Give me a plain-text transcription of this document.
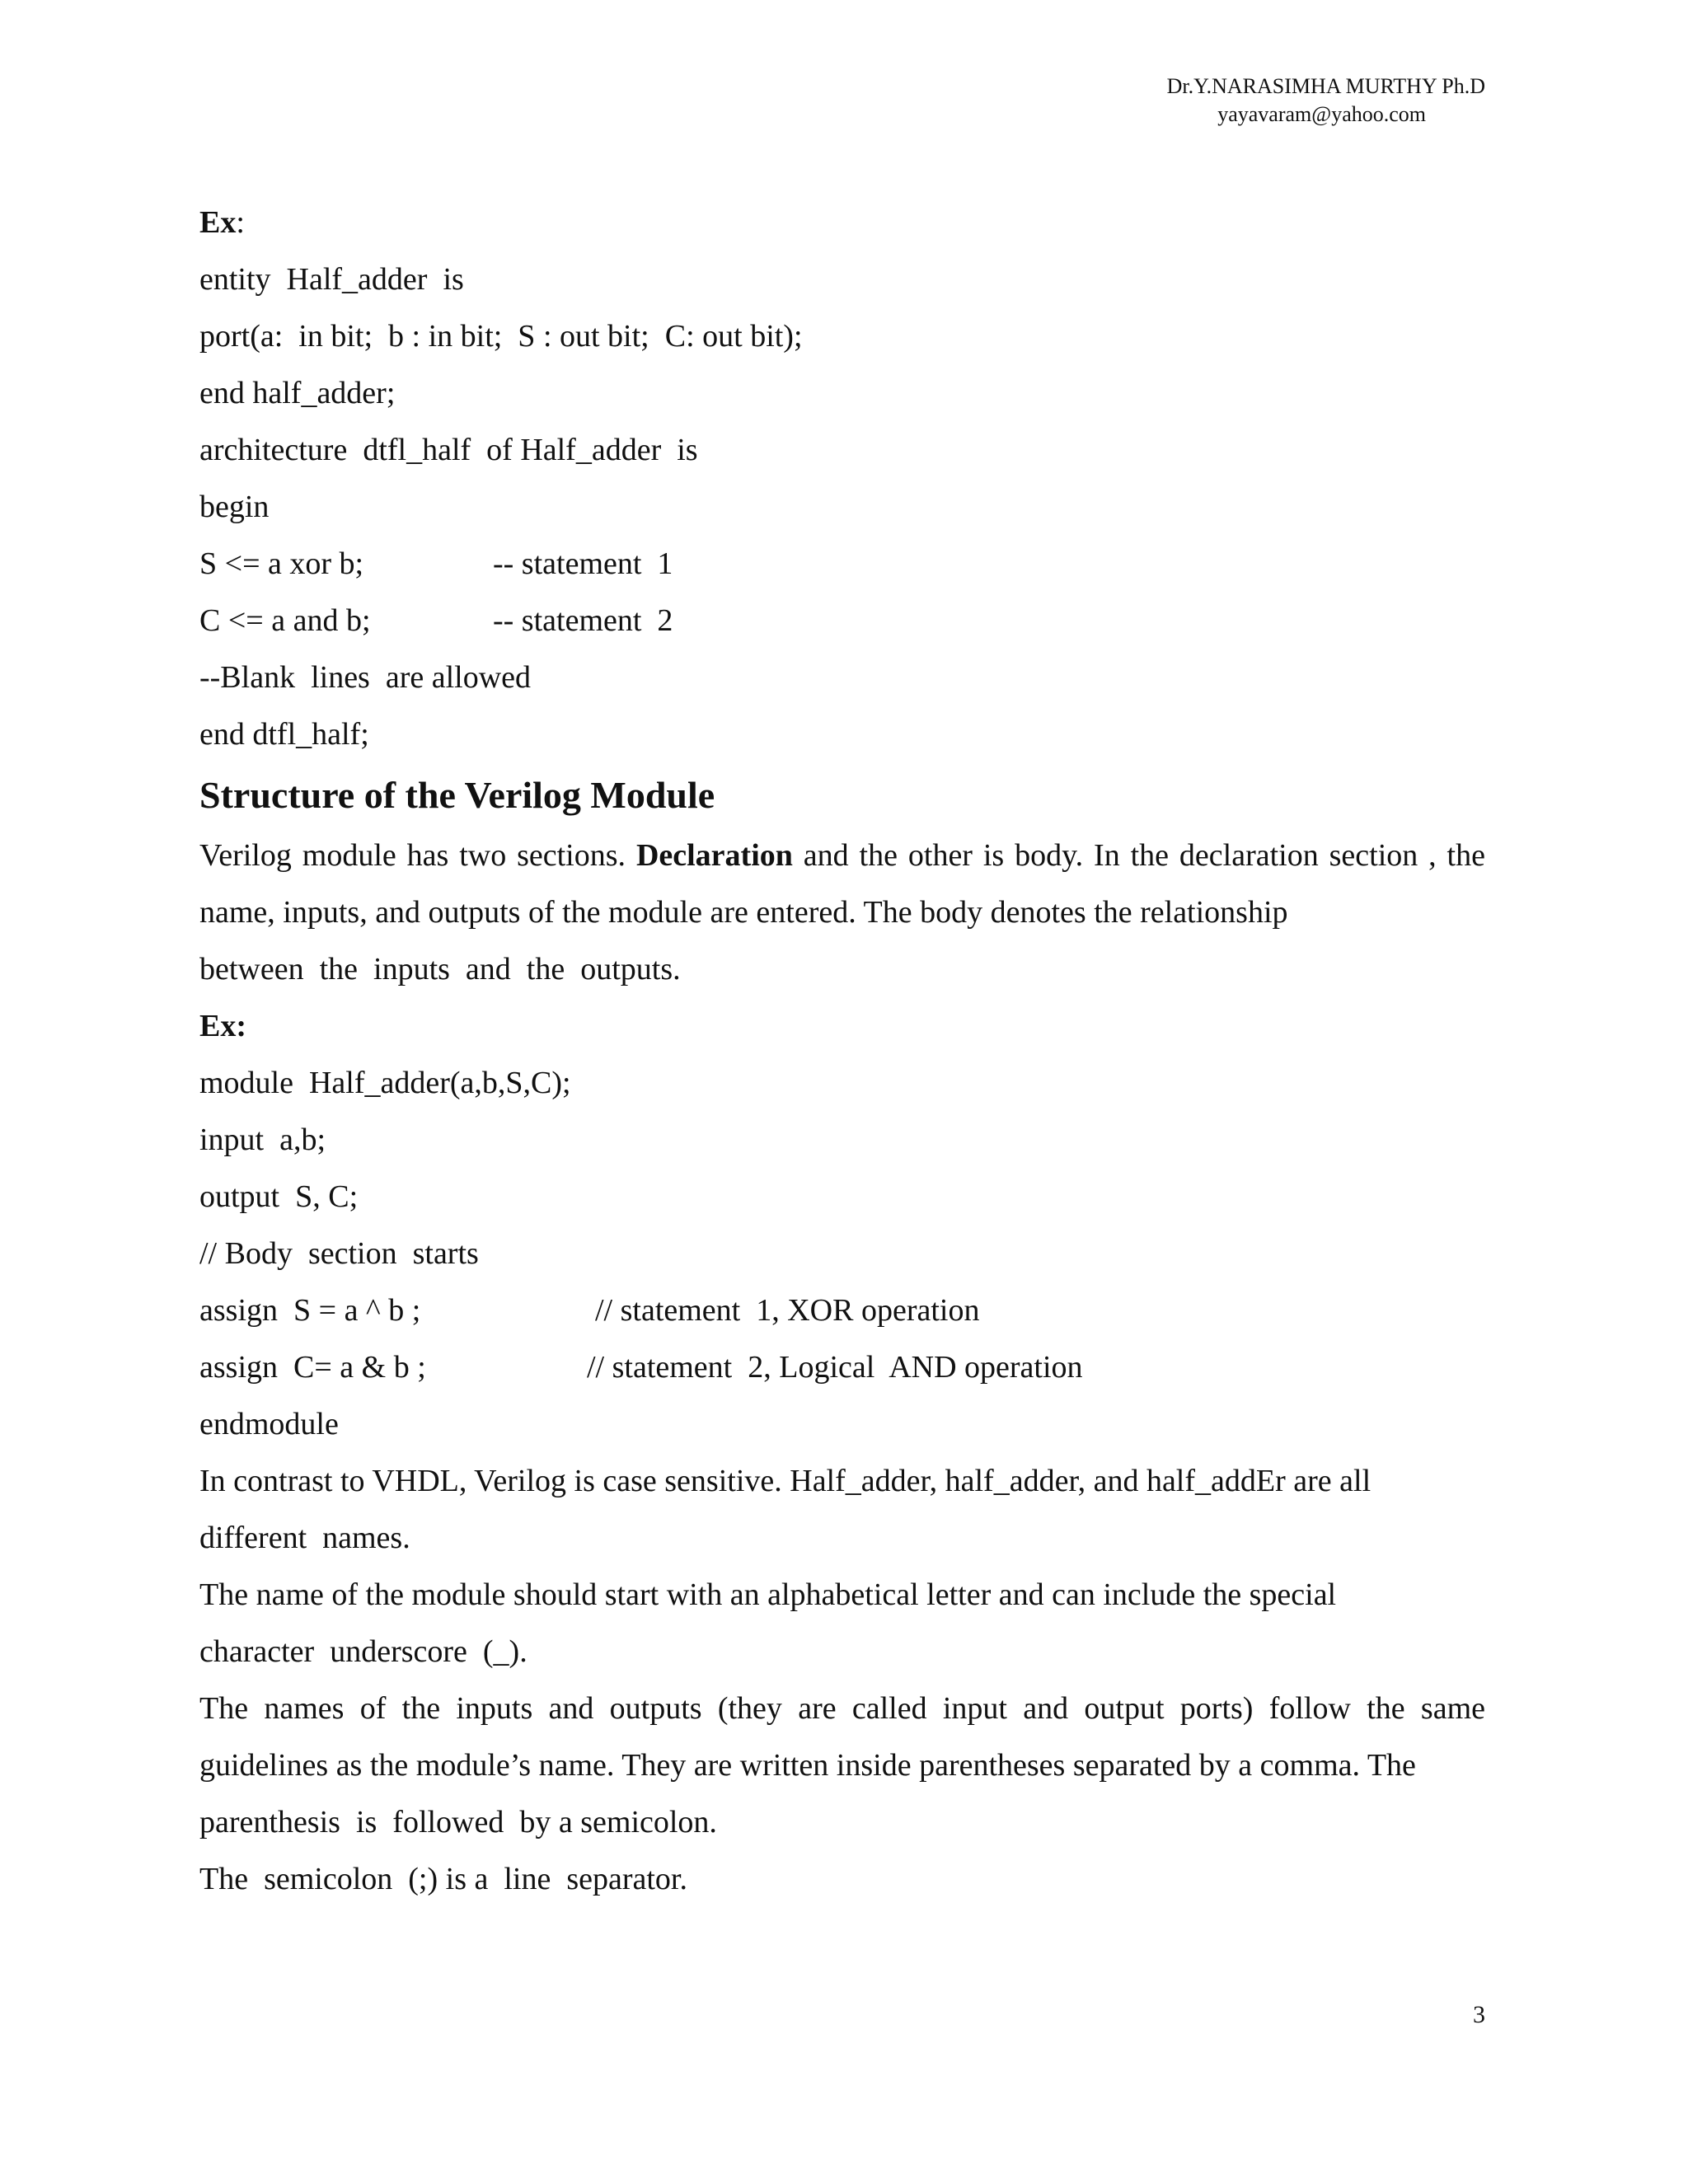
Dr.Y.NARASIMHA MURTHY Ph.D

yayavaram@yahoo.com
Ex:
entity  Half_adder  is
port(a:  in bit;  b : in bit;  S : out bit;  C: out bit);
end half_adder;
architecture  dtfl_half  of Half_adder  is
begin
S <= a xor b;	-- statement  1
C <= a and b;	-- statement  2
--Blank  lines  are allowed
end dtfl_half;
Structure of the Verilog Module
Verilog module has two sections. Declaration and the other is body. In the declaration section , the name, inputs, and outputs of the module are entered. The body denotes the relationship
between  the  inputs  and  the  outputs.
Ex:
module  Half_adder(a,b,S,C);
input  a,b;
output  S, C;
// Body  section  starts
assign  S = a ^ b ;	// statement  1, XOR operation
assign  C= a & b ;	// statement  2, Logical  AND operation
endmodule
In contrast to VHDL, Verilog is case sensitive. Half_adder, half_adder, and half_addEr are all
different  names.
The name of the module should start with an alphabetical letter and can include the special
character  underscore  (_).
The names of the inputs and outputs (they are called input and output ports) follow the same guidelines as the module’s name. They are written inside parentheses separated by a comma. The
parenthesis  is  followed  by a semicolon.
The  semicolon  (;) is a  line  separator.
3
